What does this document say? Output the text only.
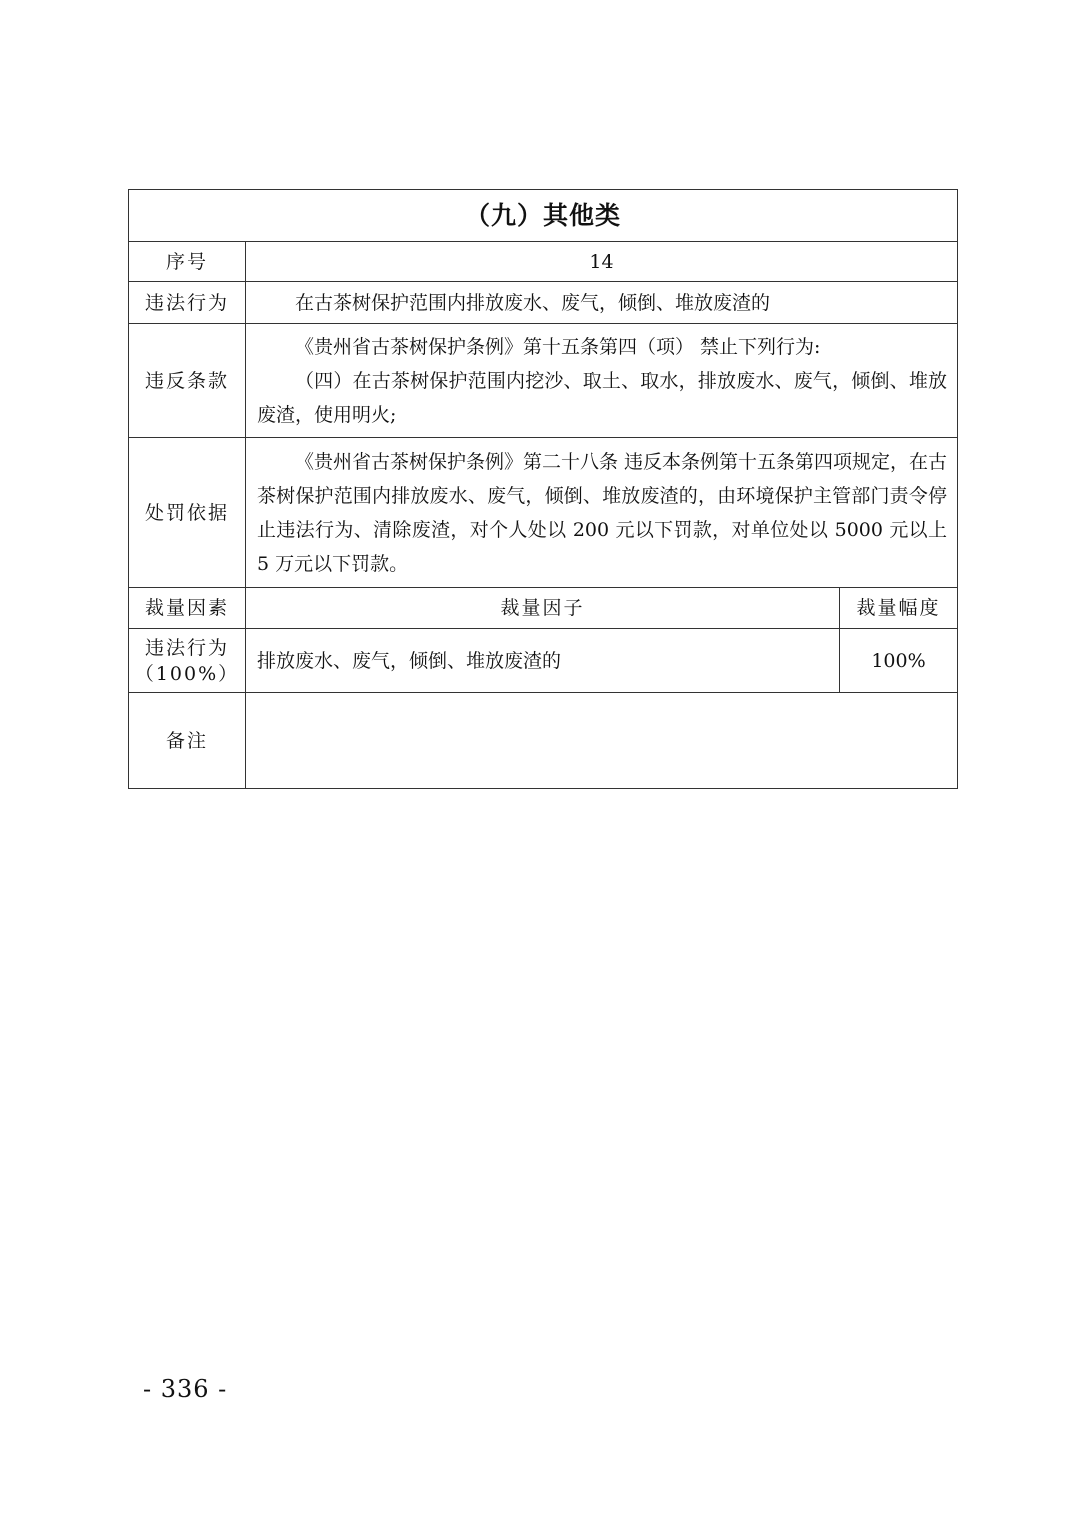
（九）其他类		
序号	14	
违法行为	在古茶树保护范围内排放废水、废气，倾倒、堆放废渣的	

违反条款	《贵州省古茶树保护条例》第十五条第四（项） 禁止下列行为:

（四）在古茶树保护范围内挖沙、取土、取水，排放废水、废气，倾倒、堆放废渣，使用明火;	

处罚依据	《贵州省古茶树保护条例》第二十八条 违反本条例第十五条第四项规定，在古茶树保护范围内排放废水、废气，倾倒、堆放废渣的，由环境保护主管部门责令停止违法行为、清除废渣，对个人处以 200 元以下罚款，对单位处以 5000 元以上 5 万元以下罚款。	

裁量因素	裁量因子	裁量幅度

违法行为
（100%）	排放废水、废气，倾倒、堆放废渣的	100%
备注		
- 336 -
